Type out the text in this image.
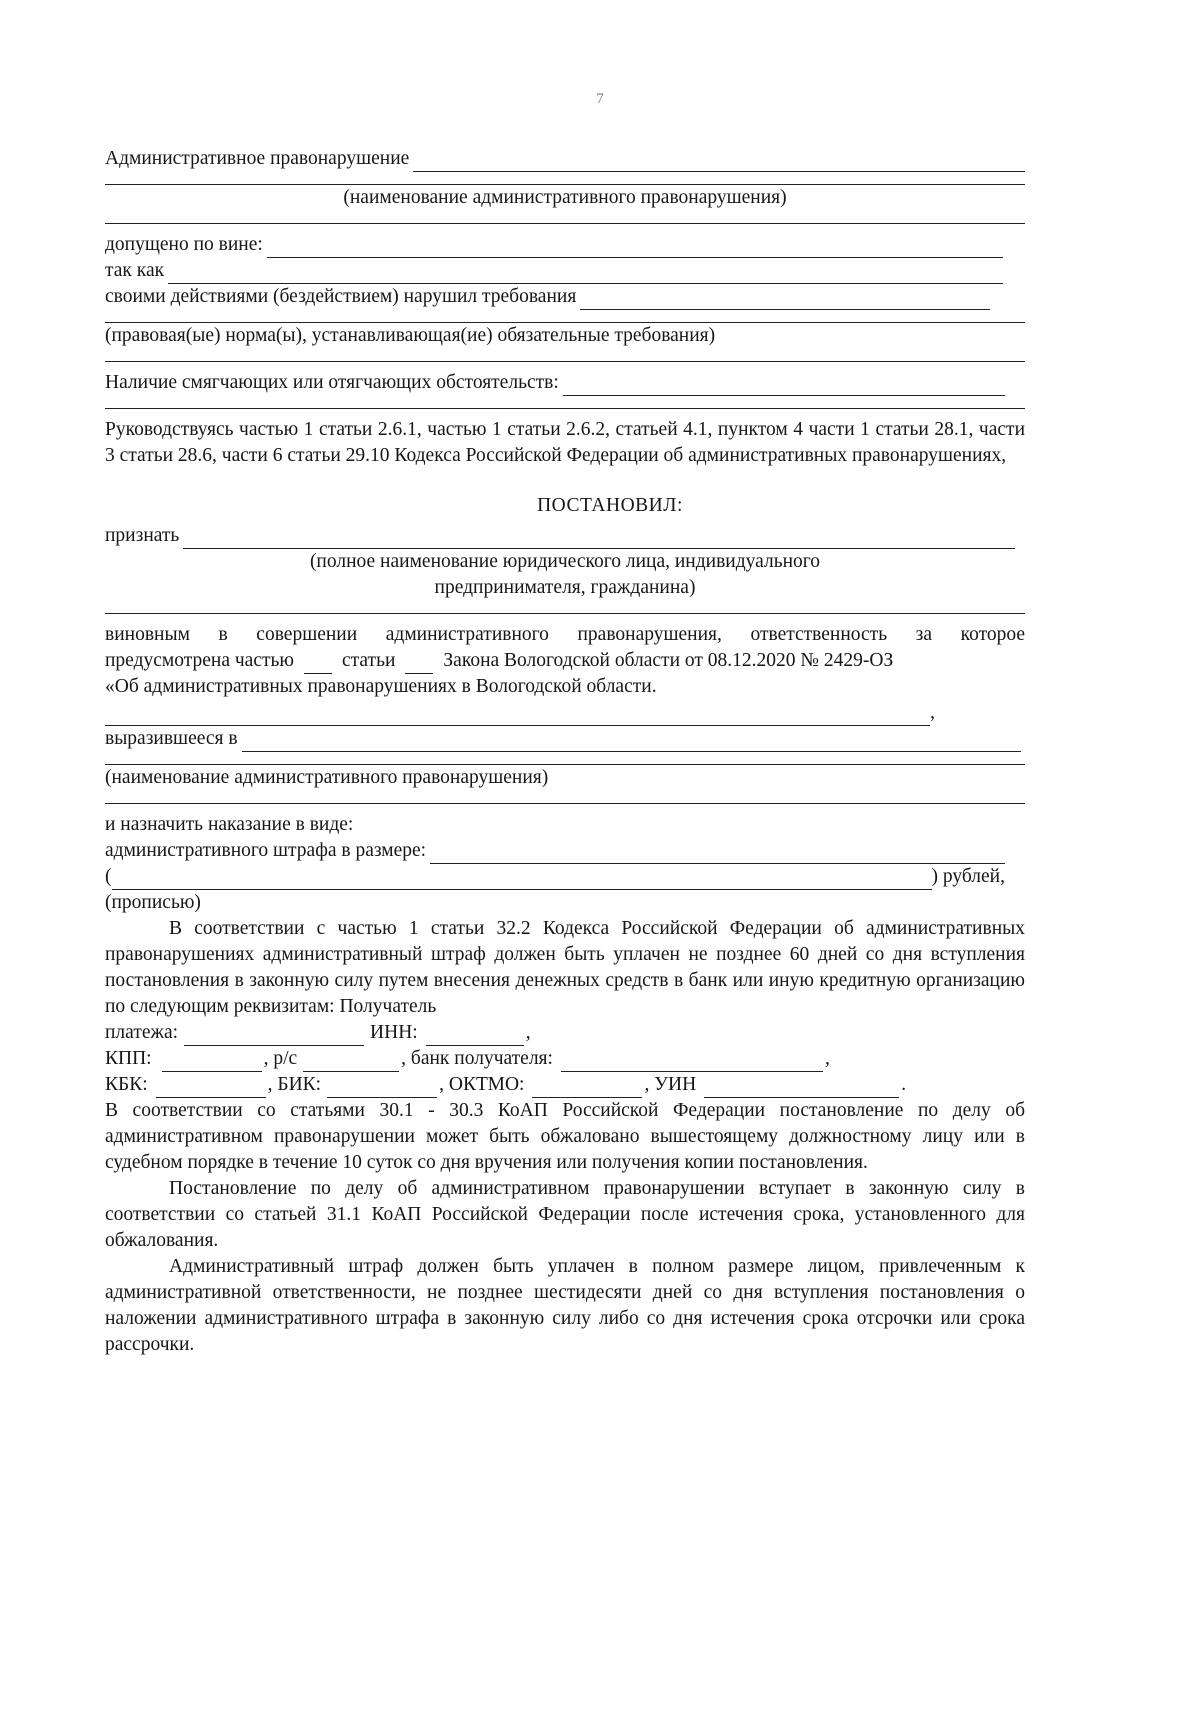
7
Административное правонарушение
(наименование административного правонарушения)
допущено по вине:
так как
своими действиями (бездействием) нарушил требования
(правовая(ые) норма(ы), устанавливающая(ие) обязательные требования)
Наличие смягчающих или отягчающих обстоятельств:
Руководствуясь частью 1 статьи 2.6.1, частью 1 статьи 2.6.2, статьей 4.1, пунктом 4 части 1 статьи 28.1, части 3 статьи 28.6, части 6 статьи 29.10 Кодекса Российской Федерации об административных правонарушениях,
ПОСТАНОВИЛ:
признать
(полное наименование юридического лица, индивидуального
предпринимателя, гражданина)
виновным в совершении административного правонарушения, ответственность за которое
предусмотрена частью статьи Закона Вологодской области от 08.12.2020 № 2429-ОЗ
«Об административных правонарушениях в Вологодской области.
,
выразившееся в
(наименование административного правонарушения)
и назначить наказание в виде:
административного штрафа в размере:
(	) рублей,
(прописью)
В соответствии с частью 1 статьи 32.2 Кодекса Российской Федерации об административных правонарушениях административный штраф должен быть уплачен не позднее 60 дней со дня вступления постановления в законную силу путем внесения денежных средств в банк или иную кредитную организацию по следующим реквизитам: Получатель
платежа:	ИНН:	,
КПП:	, р/с	, банк получателя:	,
КБК:	, БИК:	, ОКТМО:	, УИН	.
В соответствии со статьями 30.1 - 30.3 КоАП Российской Федерации постановление по делу об административном правонарушении может быть обжаловано вышестоящему должностному лицу или в судебном порядке в течение 10 суток со дня вручения или получения копии постановления.
Постановление по делу об административном правонарушении вступает в законную силу в соответствии со статьей 31.1 КоАП Российской Федерации после истечения срока, установленного для обжалования.
Административный штраф должен быть уплачен в полном размере лицом, привлеченным к административной ответственности, не позднее шестидесяти дней со дня вступления постановления о наложении административного штрафа в законную силу либо со дня истечения срока отсрочки или срока рассрочки.
